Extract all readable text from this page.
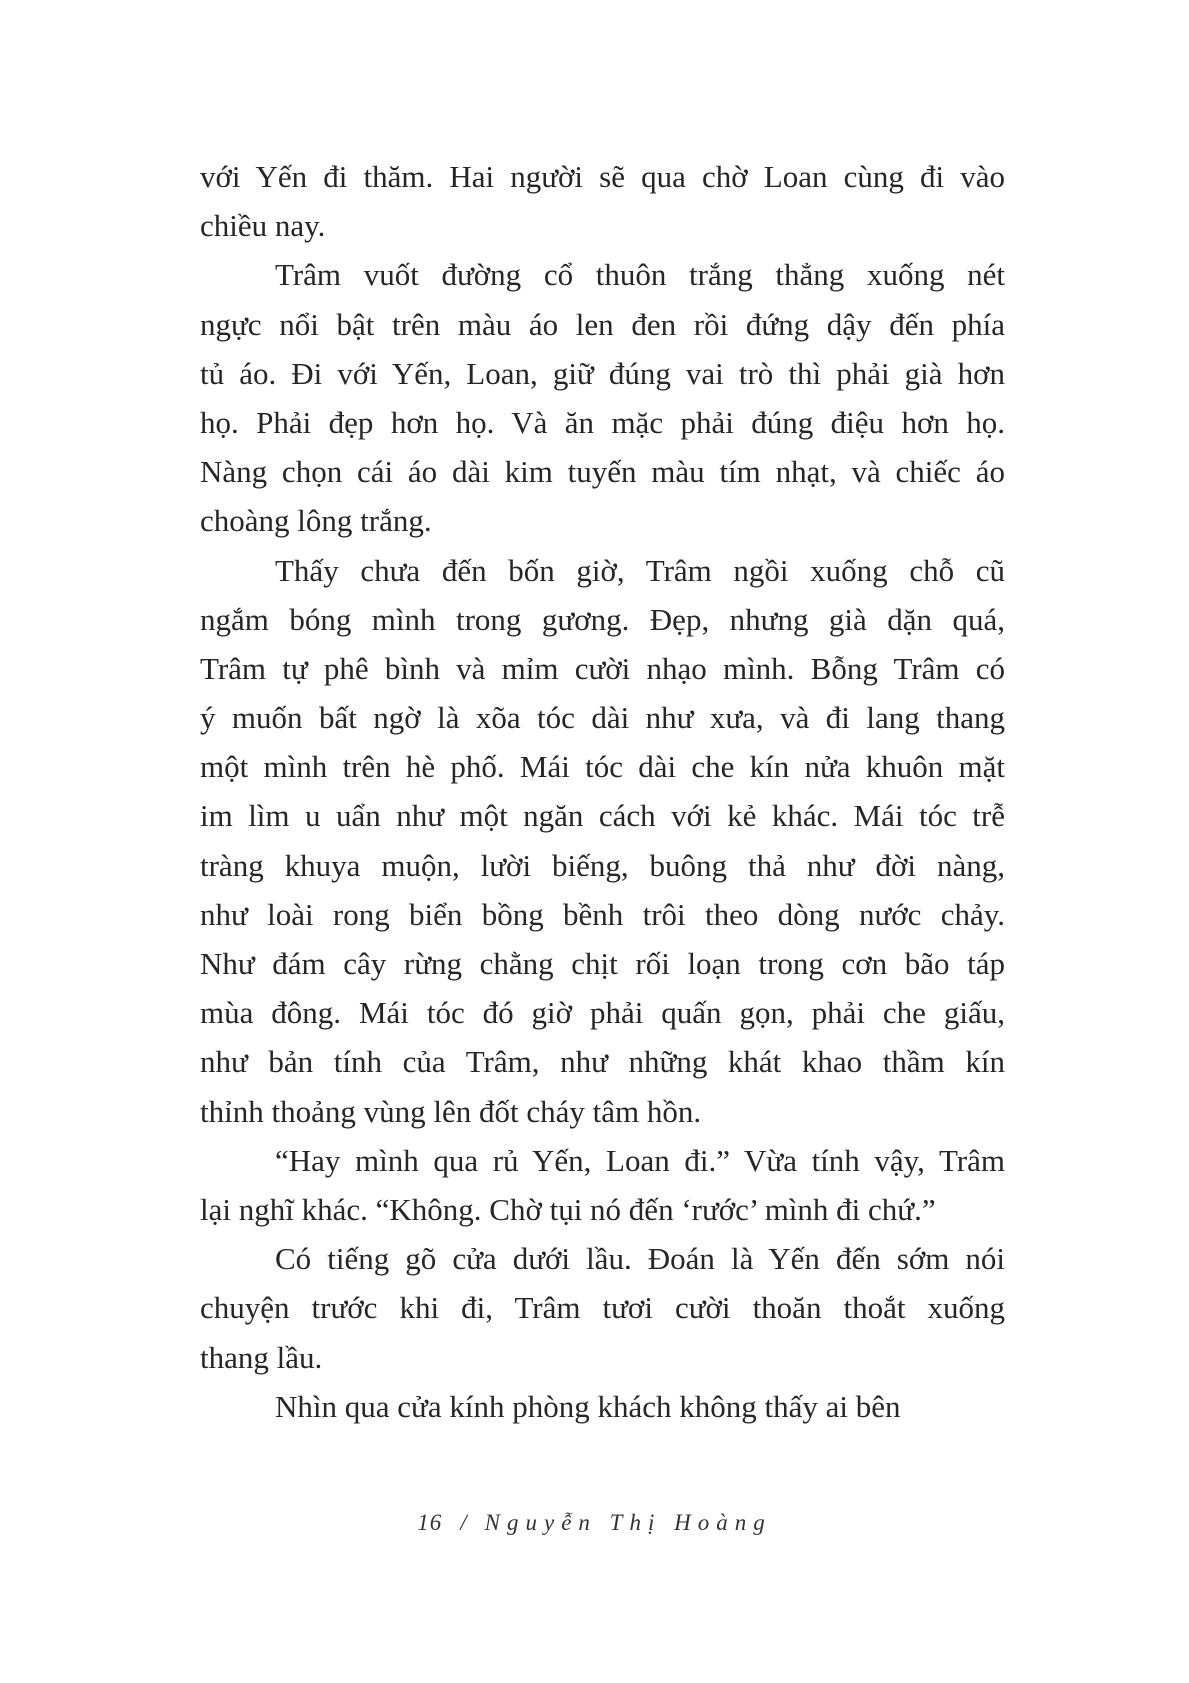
với Yến đi thăm. Hai người sẽ qua chờ Loan cùng đi vào
chiều nay.
Trâm vuốt đường cổ thuôn trắng thẳng xuống nét
ngực nổi bật trên màu áo len đen rồi đứng dậy đến phía
tủ áo. Đi với Yến, Loan, giữ đúng vai trò thì phải già hơn
họ. Phải đẹp hơn họ. Và ăn mặc phải đúng điệu hơn họ.
Nàng chọn cái áo dài kim tuyến màu tím nhạt, và chiếc áo
choàng lông trắng.
Thấy chưa đến bốn giờ, Trâm ngồi xuống chỗ cũ
ngắm bóng mình trong gương. Đẹp, nhưng già dặn quá,
Trâm tự phê bình và mỉm cười nhạo mình. Bỗng Trâm có
ý muốn bất ngờ là xõa tóc dài như xưa, và đi lang thang
một mình trên hè phố. Mái tóc dài che kín nửa khuôn mặt
im lìm u uẩn như một ngăn cách với kẻ khác. Mái tóc trễ
tràng khuya muộn, lười biếng, buông thả như đời nàng,
như loài rong biển bồng bềnh trôi theo dòng nước chảy.
Như đám cây rừng chằng chịt rối loạn trong cơn bão táp
mùa đông. Mái tóc đó giờ phải quấn gọn, phải che giấu,
như bản tính của Trâm, như những khát khao thầm kín
thỉnh thoảng vùng lên đốt cháy tâm hồn.
“Hay mình qua rủ Yến, Loan đi.” Vừa tính vậy, Trâm
lại nghĩ khác. “Không. Chờ tụi nó đến ‘rước’ mình đi chứ.”
Có tiếng gõ cửa dưới lầu. Đoán là Yến đến sớm nói
chuyện trước khi đi, Trâm tươi cười thoăn thoắt xuống
thang lầu.
Nhìn qua cửa kính phòng khách không thấy ai bên
16 / Nguyễn Thị Hoàng
